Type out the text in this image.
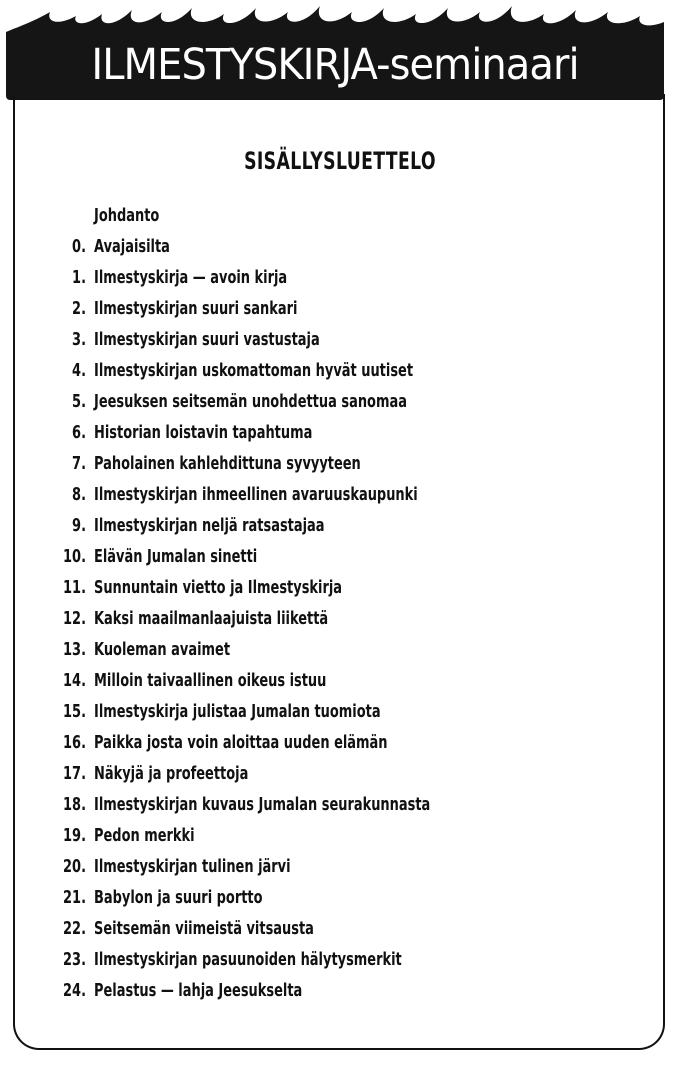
ILMESTYSKIRJA-seminaari
SISÄLLYSLUETTELO
Johdanto
0. Avajaisilta
1. Ilmestyskirja — avoin kirja
2. Ilmestyskirjan suuri sankari
3. Ilmestyskirjan suuri vastustaja
4. Ilmestyskirjan uskomattoman hyvät uutiset
5. Jeesuksen seitsemän unohdettua sanomaa
6. Historian loistavin tapahtuma
7. Paholainen kahlehdittuna syvyyteen
8. Ilmestyskirjan ihmeellinen avaruuskaupunki
9. Ilmestyskirjan neljä ratsastajaa
10. Elävän Jumalan sinetti
11. Sunnuntain vietto ja Ilmestyskirja
12. Kaksi maailmanlaajuista liikettä
13. Kuoleman avaimet
14. Milloin taivaallinen oikeus istuu
15. Ilmestyskirja julistaa Jumalan tuomiota
16. Paikka josta voin aloittaa uuden elämän
17. Näkyjä ja profeettoja
18. Ilmestyskirjan kuvaus Jumalan seurakunnasta
19. Pedon merkki
20. Ilmestyskirjan tulinen järvi
21. Babylon ja suuri portto
22. Seitsemän viimeistä vitsausta
23. Ilmestyskirjan pasuunoiden hälytysmerkit
24. Pelastus — lahja Jeesukselta
